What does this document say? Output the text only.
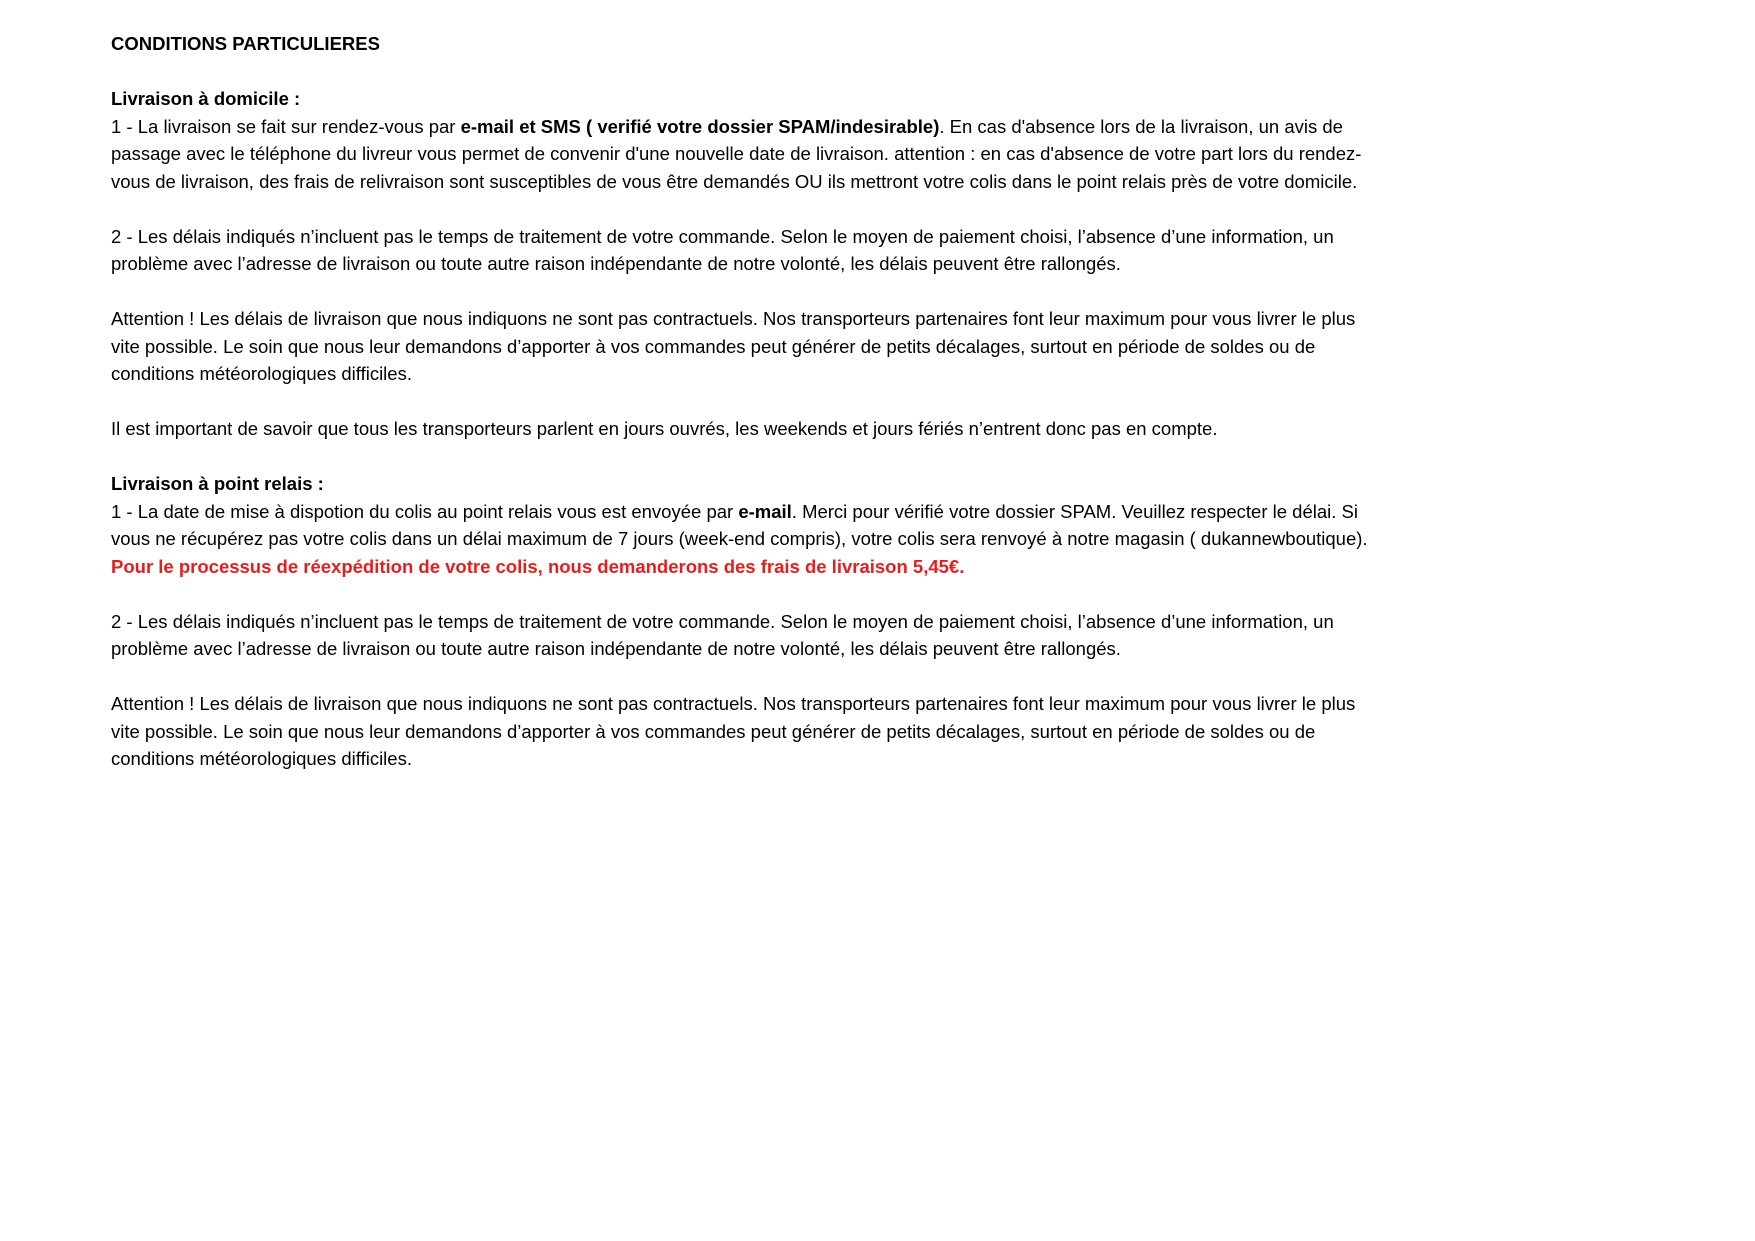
CONDITIONS PARTICULIERES

Livraison à domicile :
1 - La livraison se fait sur rendez-vous par e-mail et SMS ( verifié votre dossier SPAM/indesirable). En cas d'absence lors de la livraison, un avis de passage avec le téléphone du livreur vous permet de convenir d'une nouvelle date de livraison. attention : en cas d'absence de votre part lors du rendez-vous de livraison, des frais de relivraison sont susceptibles de vous être demandés OU ils mettront votre colis dans le point relais près de votre domicile.

2 - Les délais indiqués n’incluent pas le temps de traitement de votre commande. Selon le moyen de paiement choisi, l’absence d’une information, un problème avec l’adresse de livraison ou toute autre raison indépendante de notre volonté, les délais peuvent être rallongés.

Attention ! Les délais de livraison que nous indiquons ne sont pas contractuels. Nos transporteurs partenaires font leur maximum pour vous livrer le plus vite possible. Le soin que nous leur demandons d’apporter à vos commandes peut générer de petits décalages, surtout en période de soldes ou de conditions météorologiques difficiles.

Il est important de savoir que tous les transporteurs parlent en jours ouvrés, les weekends et jours fériés n’entrent donc pas en compte.

Livraison à point relais :
1 - La date de mise à dispotion du colis au point relais vous est envoyée par e-mail. Merci pour vérifié votre dossier SPAM. Veuillez respecter le délai. Si vous ne récupérez pas votre colis dans un délai maximum de 7 jours (week-end compris), votre colis sera renvoyé à notre magasin ( dukannewboutique). Pour le processus de réexpédition de votre colis, nous demanderons des frais de livraison 5,45€.

2 - Les délais indiqués n’incluent pas le temps de traitement de votre commande. Selon le moyen de paiement choisi, l’absence d’une information, un problème avec l’adresse de livraison ou toute autre raison indépendante de notre volonté, les délais peuvent être rallongés.

Attention ! Les délais de livraison que nous indiquons ne sont pas contractuels. Nos transporteurs partenaires font leur maximum pour vous livrer le plus vite possible. Le soin que nous leur demandons d’apporter à vos commandes peut générer de petits décalages, surtout en période de soldes ou de conditions météorologiques difficiles.
